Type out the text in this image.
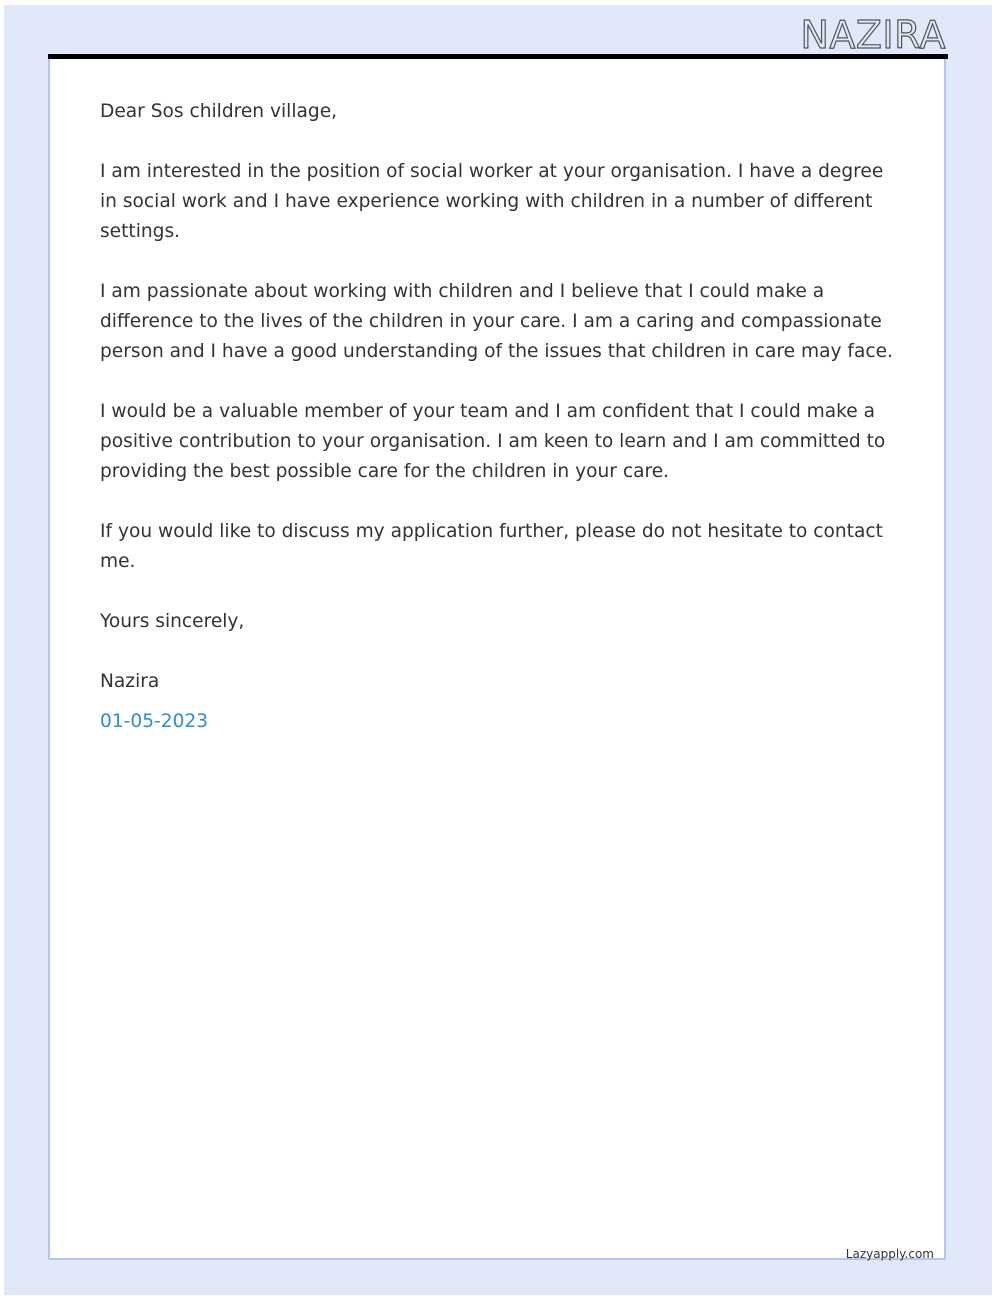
NAZIRA

Dear Sos children village,

I am interested in the position of social worker at your organisation. I have a degree in social work and I have experience working with children in a number of different settings.

I am passionate about working with children and I believe that I could make a difference to the lives of the children in your care. I am a caring and compassionate person and I have a good understanding of the issues that children in care may face.

I would be a valuable member of your team and I am confident that I could make a positive contribution to your organisation. I am keen to learn and I am committed to providing the best possible care for the children in your care.

If you would like to discuss my application further, please do not hesitate to contact me.

Yours sincerely,

Nazira

01-05-2023

Lazyapply.com
